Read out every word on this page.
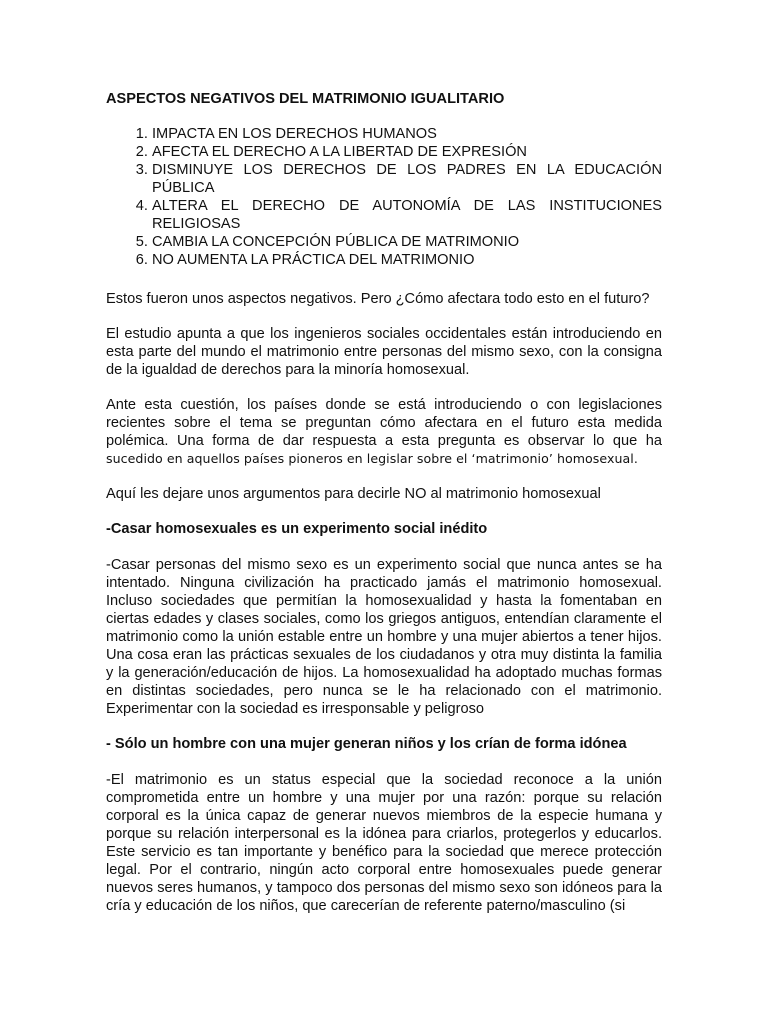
ASPECTOS NEGATIVOS DEL MATRIMONIO IGUALITARIO
1. IMPACTA EN LOS DERECHOS HUMANOS
2. AFECTA EL DERECHO A LA LIBERTAD DE EXPRESIÓN
3. DISMINUYE LOS DERECHOS DE LOS PADRES EN LA EDUCACIÓN PÚBLICA
4. ALTERA EL DERECHO DE AUTONOMÍA DE LAS INSTITUCIONES RELIGIOSAS
5. CAMBIA LA CONCEPCIÓN PÚBLICA DE MATRIMONIO
6. NO AUMENTA LA PRÁCTICA DEL MATRIMONIO

Estos fueron unos aspectos negativos. Pero ¿Cómo afectara todo esto en el futuro?

El estudio apunta a que los ingenieros sociales occidentales están introduciendo en esta parte del mundo el matrimonio entre personas del mismo sexo, con la consigna de la igualdad de derechos para la minoría homosexual.

Ante esta cuestión, los países donde se está introduciendo o con legislaciones recientes sobre el tema se preguntan cómo afectara en el futuro esta medida polémica. Una forma de dar respuesta a esta pregunta es observar lo que ha sucedido en aquellos países pioneros en legislar sobre el ‘matrimonio’ homosexual.

Aquí les dejare unos argumentos para decirle NO al matrimonio homosexual

-Casar homosexuales es un experimento social inédito

-Casar personas del mismo sexo es un experimento social que nunca antes se ha intentado. Ninguna civilización ha practicado jamás el matrimonio homosexual. Incluso sociedades que permitían la homosexualidad y hasta la fomentaban en ciertas edades y clases sociales, como los griegos antiguos, entendían claramente el matrimonio como la unión estable entre un hombre y una mujer abiertos a tener hijos. Una cosa eran las prácticas sexuales de los ciudadanos y otra muy distinta la familia y la generación/educación de hijos. La homosexualidad ha adoptado muchas formas en distintas sociedades, pero nunca se le ha relacionado con el matrimonio. Experimentar con la sociedad es irresponsable y peligroso

- Sólo un hombre con una mujer generan niños y los crían de forma idónea

-El matrimonio es un status especial que la sociedad reconoce a la unión comprometida entre un hombre y una mujer por una razón: porque su relación corporal es la única capaz de generar nuevos miembros de la especie humana y porque su relación interpersonal es la idónea para criarlos, protegerlos y educarlos. Este servicio es tan importante y benéfico para la sociedad que merece protección legal. Por el contrario, ningún acto corporal entre homosexuales puede generar nuevos seres humanos, y tampoco dos personas del mismo sexo son idóneos para la cría y educación de los niños, que carecerían de referente paterno/masculino (si
